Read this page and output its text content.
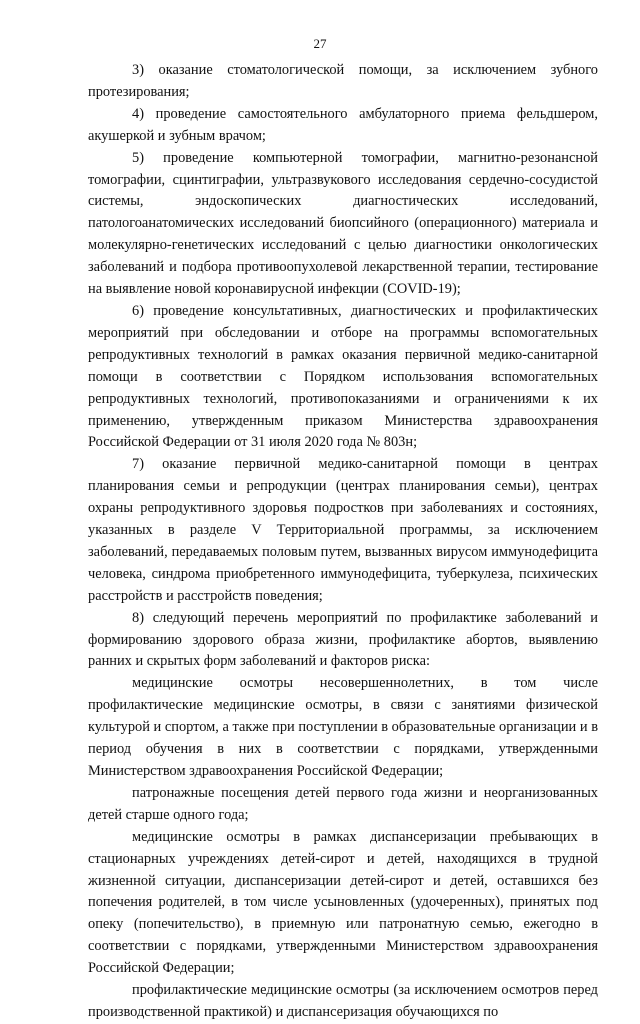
27

3) оказание стоматологической помощи, за исключением зубного протезирования;

4) проведение самостоятельного амбулаторного приема фельдшером, акушеркой и зубным врачом;

5) проведение компьютерной томографии, магнитно-резонансной томографии, сцинтиграфии, ультразвукового исследования сердечно-сосудистой системы, эндоскопических диагностических исследований, патологоанатомических исследований биопсийного (операционного) материала и молекулярно-генетических исследований с целью диагностики онкологических заболеваний и подбора противоопухолевой лекарственной терапии, тестирование на выявление новой коронавирусной инфекции (COVID-19);

6) проведение консультативных, диагностических и профилактических мероприятий при обследовании и отборе на программы вспомогательных репродуктивных технологий в рамках оказания первичной медико-санитарной помощи в соответствии с Порядком использования вспомогательных репродуктивных технологий, противопоказаниями и ограничениями к их применению, утвержденным приказом Министерства здравоохранения Российской Федерации от 31 июля 2020 года № 803н;

7) оказание первичной медико-санитарной помощи в центрах планирования семьи и репродукции (центрах планирования семьи), центрах охраны репродуктивного здоровья подростков при заболеваниях и состояниях, указанных в разделе V Территориальной программы, за исключением заболеваний, передаваемых половым путем, вызванных вирусом иммунодефицита человека, синдрома приобретенного иммунодефицита, туберкулеза, психических расстройств и расстройств поведения;

8) следующий перечень мероприятий по профилактике заболеваний и формированию здорового образа жизни, профилактике абортов, выявлению ранних и скрытых форм заболеваний и факторов риска:

медицинские осмотры несовершеннолетних, в том числе профилактические медицинские осмотры, в связи с занятиями физической культурой и спортом, а также при поступлении в образовательные организации и в период обучения в них в соответствии с порядками, утвержденными Министерством здравоохранения Российской Федерации;

патронажные посещения детей первого года жизни и неорганизованных детей старше одного года;

медицинские осмотры в рамках диспансеризации пребывающих в стационарных учреждениях детей-сирот и детей, находящихся в трудной жизненной ситуации, диспансеризации детей-сирот и детей, оставшихся без попечения родителей, в том числе усыновленных (удочеренных), принятых под опеку (попечительство), в приемную или патронатную семью, ежегодно в соответствии с порядками, утвержденными Министерством здравоохранения Российской Федерации;

профилактические медицинские осмотры (за исключением осмотров перед производственной практикой) и диспансеризация обучающихся по
